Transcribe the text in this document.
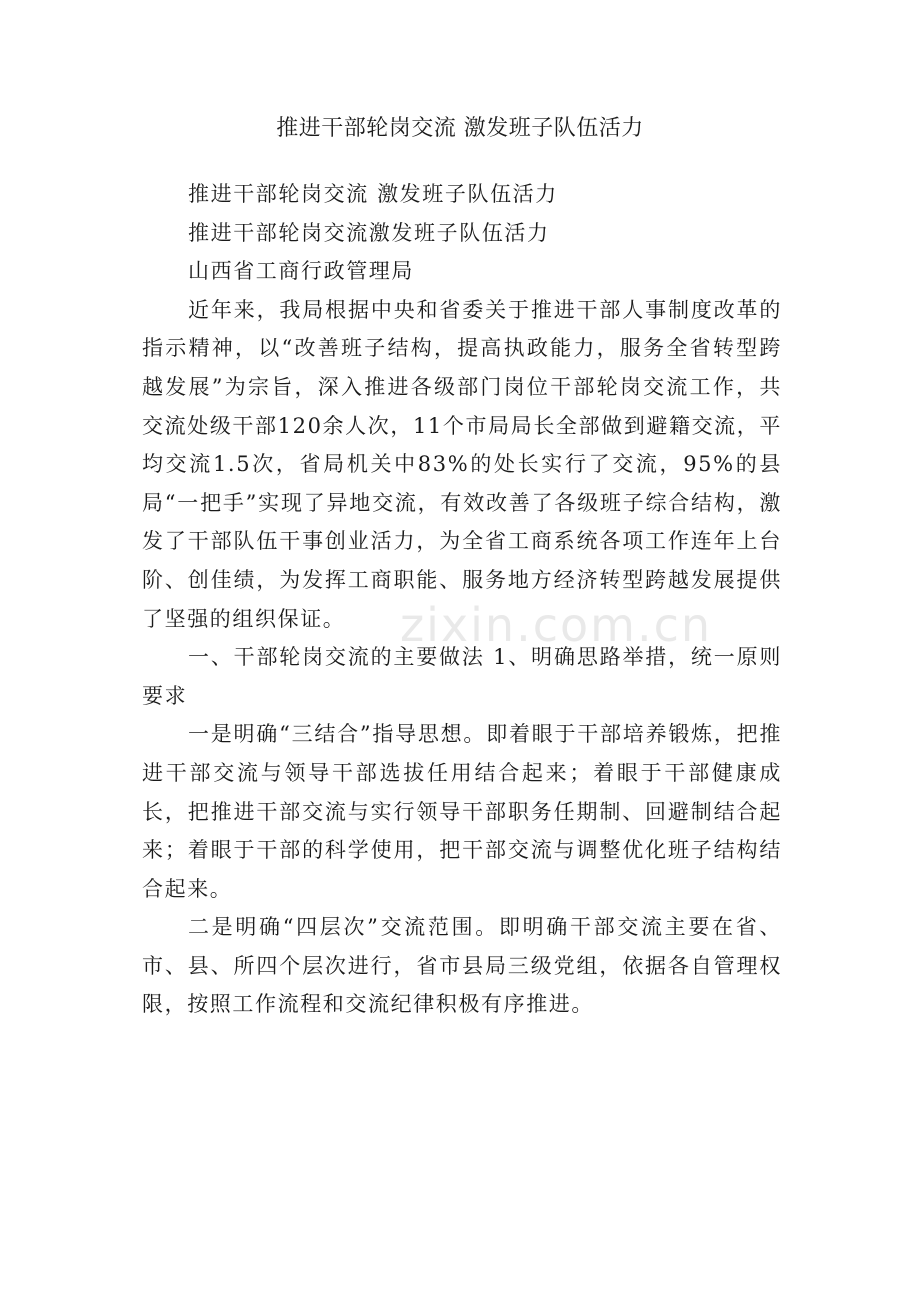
zixin.com.cn
推进干部轮岗交流 激发班子队伍活力

推进干部轮岗交流 激发班子队伍活力

推进干部轮岗交流激发班子队伍活力

山西省工商行政管理局

近年来，我局根据中央和省委关于推进干部人事制度改革的指示精神，以“改善班子结构，提高执政能力，服务全省转型跨越发展”为宗旨，深入推进各级部门岗位干部轮岗交流工作，共交流处级干部120余人次，11个市局局长全部做到避籍交流，平均交流1.5次，省局机关中83%的处长实行了交流，95%的县局“一把手”实现了异地交流，有效改善了各级班子综合结构，激发了干部队伍干事创业活力，为全省工商系统各项工作连年上台阶、创佳绩，为发挥工商职能、服务地方经济转型跨越发展提供了坚强的组织保证。

一、干部轮岗交流的主要做法 1、明确思路举措，统一原则要求

一是明确“三结合”指导思想。即着眼于干部培养锻炼，把推进干部交流与领导干部选拔任用结合起来；着眼于干部健康成长，把推进干部交流与实行领导干部职务任期制、回避制结合起来；着眼于干部的科学使用，把干部交流与调整优化班子结构结合起来。

二是明确“四层次”交流范围。即明确干部交流主要在省、市、县、所四个层次进行，省市县局三级党组，依据各自管理权限，按照工作流程和交流纪律积极有序推进。
